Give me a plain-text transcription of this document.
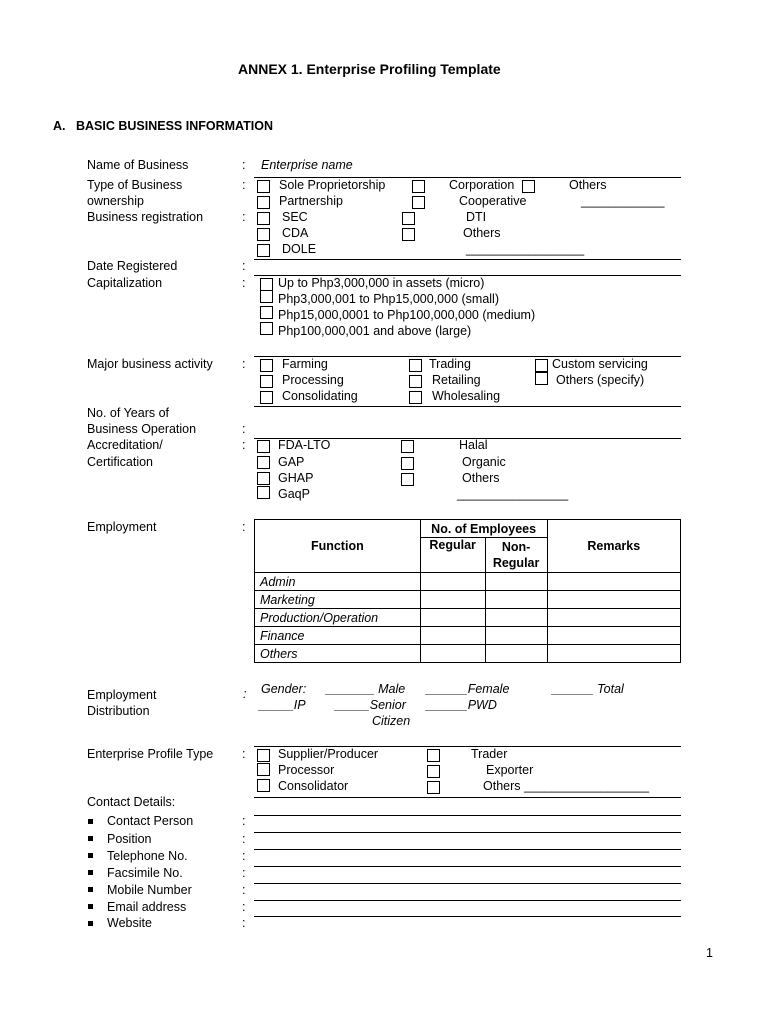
ANNEX 1. Enterprise Profiling Template
A. BASIC BUSINESS INFORMATION
Name of Business	: Enterprise name
Type of Business
ownership
:	Sole Proprietorship	Corporation	Others
Partnership	Cooperative	____________
Business registration	:	SEC	DTI
CDA	Others
DOLE	_________________
Date Registered	:
Capitalization	:	Up to Php3,000,000 in assets (micro)
Php3,000,001 to Php15,000,000 (small)
Php15,000,0001 to Php100,000,000 (medium)
Php100,000,001 and above (large)
Major business activity :	Farming	Trading	Custom servicing
Processing	Retailing	Others (specify)
Consolidating	Wholesaling
No. of Years of
Business Operation	:
Accreditation/
Certification
:	FDA-LTO	Halal
GAP	Organic
GHAP	Others
GaqP	________________
Employment	:
Function	No. of Employees		Remarks
	Regular	Non-
Regular	
Admin			
Marketing			
Production/Operation			
Finance			
Others			
Employment
Distribution
: Gender: _______ Male ______Female	______ Total
_____IP _____Senior
Citizen
______PWD
Enterprise Profile Type :	Supplier/Producer	Trader
Processor	Exporter
Consolidator	Others __________________
Contact Details:
Contact Person	:
Position	:
Telephone No.	:
Facsimile No.	:
Mobile Number	:
Email address	:
Website	:
1
